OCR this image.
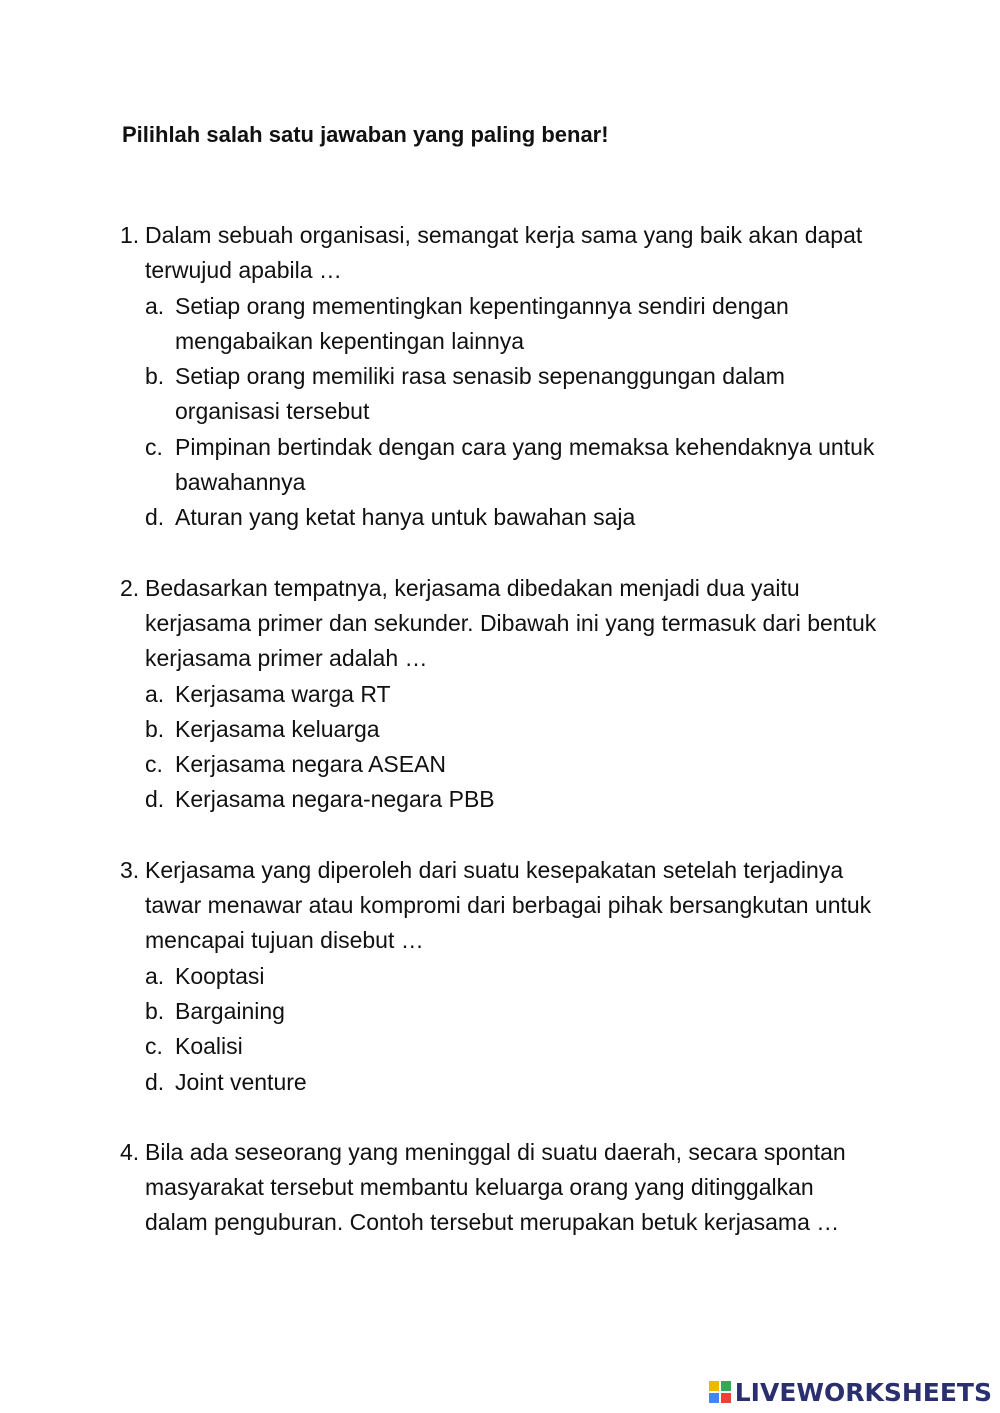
Pilihlah salah satu jawaban yang paling benar!
1. Dalam sebuah organisasi, semangat kerja sama yang baik akan dapat terwujud apabila …
a. Setiap orang mementingkan kepentingannya sendiri dengan mengabaikan kepentingan lainnya
b. Setiap orang memiliki rasa senasib sepenanggungan dalam organisasi tersebut
c. Pimpinan bertindak dengan cara yang memaksa kehendaknya untuk bawahannya
d. Aturan yang ketat hanya untuk bawahan saja
2. Bedasarkan tempatnya, kerjasama dibedakan menjadi dua yaitu kerjasama primer dan sekunder. Dibawah ini yang termasuk dari bentuk kerjasama primer adalah …
a. Kerjasama warga RT
b. Kerjasama keluarga
c. Kerjasama negara ASEAN
d. Kerjasama negara-negara PBB
3. Kerjasama yang diperoleh dari suatu kesepakatan setelah terjadinya tawar menawar atau kompromi dari berbagai pihak bersangkutan untuk mencapai tujuan disebut …
a. Kooptasi
b. Bargaining
c. Koalisi
d. Joint venture
4. Bila ada seseorang yang meninggal di suatu daerah, secara spontan masyarakat tersebut membantu keluarga orang yang ditinggalkan dalam penguburan. Contoh tersebut merupakan betuk kerjasama …
LIVEWORKSHEETS
